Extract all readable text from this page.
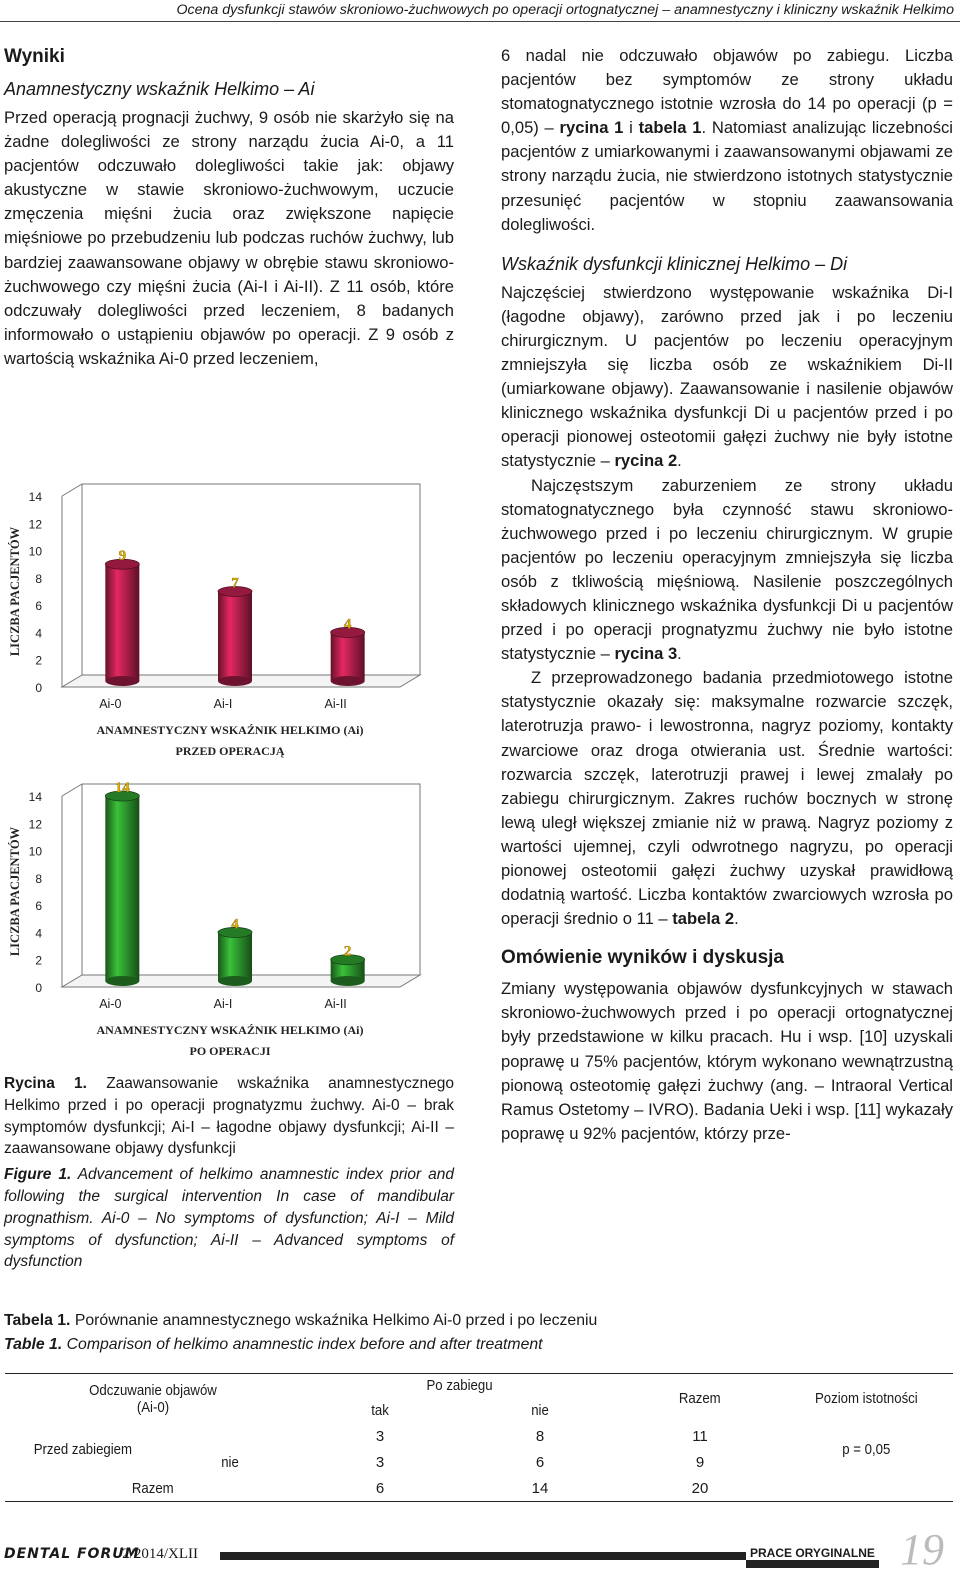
Ocena dysfunkcji stawów skroniowo-żuchwowych po operacji ortognatycznej – anamnestyczny i kliniczny wskaźnik Helkimo
Wyniki
Anamnestyczny wskaźnik Helkimo – Ai

Przed operacją prognacji żuchwy, 9 osób nie skarżyło się na żadne dolegliwości ze strony narządu żucia Ai-0, a 11 pacjentów odczuwało dolegliwości takie jak: objawy akustyczne w stawie skroniowo-żuchwowym, uczucie zmęczenia mięśni żucia oraz zwiększone napięcie mięśniowe po przebudzeniu lub podczas ruchów żuchwy, lub bardziej zaawansowane objawy w obrębie stawu skroniowo-żuchwowego czy mięśni żucia (Ai-I i Ai-II). Z 11 osób, które odczuwały dolegliwości przed leczeniem, 8 badanych informowało o ustąpieniu objawów po operacji. Z 9 osób z wartością wskaźnika Ai-0 przed leczeniem,

0
2
4
6
8
10
12
14
LICZBA PACJENTÓW	9
Ai-0
7
Ai-I
4
Ai-II
ANAMNESTYCZNY WSKAŹNIK HELKIMO (Ai)
PRZED OPERACJĄ
0
2
4
6
8
10
12
14
LICZBA PACJENTÓW
14
Ai-0
4
Ai-I
2
Ai-II
ANAMNESTYCZNY WSKAŹNIK HELKIMO (Ai)
PO OPERACJI

Rycina 1. Zaawansowanie wskaźnika anamnestycznego Helkimo przed i po operacji prognatyzmu żuchwy. Ai-0 – brak symptomów dysfunkcji; Ai-I – łagodne objawy dysfunkcji; Ai-II – zaawansowane objawy dysfunkcji

Figure 1. Advancement of helkimo anamnestic index prior and following the surgical intervention In case of mandibular prognathism. Ai-0 – No symptoms of dysfunction; Ai-I – Mild symptoms of dysfunction; Ai-II – Advanced symptoms of dysfunction

6 nadal nie odczuwało objawów po zabiegu. Liczba pacjentów bez symptomów ze strony układu stomatognatycznego istotnie wzrosła do 14 po operacji (p = 0,05) – rycina 1 i tabela 1. Natomiast analizując liczebności pacjentów z umiarkowanymi i zaawansowanymi objawami ze strony narządu żucia, nie stwierdzono istotnych statystycznie przesunięć pacjentów w stopniu zaawansowania dolegliwości.

Wskaźnik dysfunkcji klinicznej Helkimo – Di

Najczęściej stwierdzono występowanie wskaźnika Di-I (łagodne objawy), zarówno przed jak i po leczeniu chirurgicznym. U pacjentów po leczeniu operacyjnym zmniejszyła się liczba osób ze wskaźnikiem Di-II (umiarkowane objawy). Zaawansowanie i nasilenie objawów klinicznego wskaźnika dysfunkcji Di u pacjentów przed i po operacji pionowej osteotomii gałęzi żuchwy nie były istotne statystycznie – rycina 2.

Najczęstszym zaburzeniem ze strony układu stomatognatycznego była czynność stawu skroniowo-żuchwowego przed i po leczeniu chirurgicznym. W grupie pacjentów po leczeniu operacyjnym zmniejszyła się liczba osób z tkliwością mięśniową. Nasilenie poszczególnych składowych klinicznego wskaźnika dysfunkcji Di u pacjentów przed i po operacji prognatyzmu żuchwy nie było istotne statystycznie – rycina 3.

Z przeprowadzonego badania przedmiotowego istotne statystycznie okazały się: maksymalne rozwarcie szczęk, laterotruzja prawo- i lewostronna, nagryz poziomy, kontakty zwarciowe oraz droga otwierania ust. Średnie wartości: rozwarcia szczęk, laterotruzji prawej i lewej zmalały po zabiegu chirurgicznym. Zakres ruchów bocznych w stronę lewą uległ większej zmianie niż w prawą. Nagryz poziomy z wartości ujemnej, czyli odwrotnego nagryzu, po operacji pionowej osteotomii gałęzi żuchwy uzyskał prawidłową dodatnią wartość. Liczba kontaktów zwarciowych wzrosła po operacji średnio o 11 – tabela 2.

Omówienie wyników i dyskusja

Zmiany występowania objawów dysfunkcyjnych w stawach skroniowo-żuchwowych przed i po operacji ortognatycznej były przedstawione w kilku pracach. Hu i wsp. [10] uzyskali poprawę u 75% pacjentów, którym wykonano wewnątrzustną pionową osteotomię gałęzi żuchwy (ang. – Intraoral Vertical Ramus Ostetomy – IVRO). Badania Ueki i wsp. [11] wykazały poprawę u 92% pacjentów, którzy prze-

Tabela 1. Porównanie anamnestycznego wskaźnika Helkimo Ai-0 przed i po leczeniu

Table 1. Comparison of helkimo anamnestic index before and after treatment

Odczuwanie objawów (Ai-0)		Po zabiegu		Razem	Poziom istotności
		tak	nie		
Przed zabiegiem		3	8	11	p = 0,05
	nie	3	6	9	
Razem		6	14	20	
DENTAL FORUM
/2/2014/XLII	PRACE ORYGINALNE 19
